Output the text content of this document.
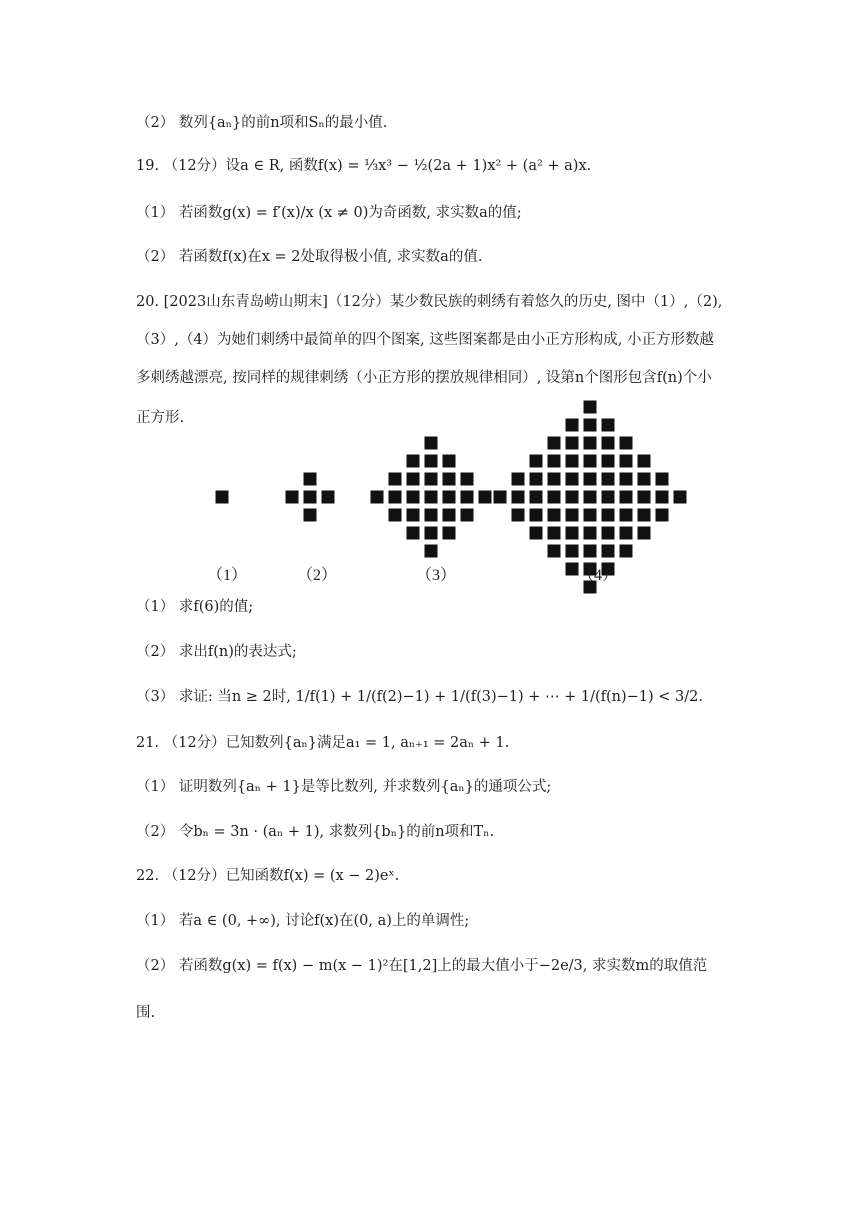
（2） 数列{aₙ}的前n项和Sₙ的最小值.
19. （12分）设a ∈ R, 函数f(x) = ⅓x³ − ½(2a + 1)x² + (a² + a)x.
（1） 若函数g(x) = f′(x)/x (x ≠ 0)为奇函数, 求实数a的值;
（2） 若函数f(x)在x = 2处取得极小值, 求实数a的值.
20. [2023山东青岛崂山期末]（12分）某少数民族的刺绣有着悠久的历史, 图中（1）,（2),
（3）,（4）为她们刺绣中最简单的四个图案, 这些图案都是由小正方形构成, 小正方形数越
多刺绣越漂亮, 按同样的规律刺绣（小正方形的摆放规律相同）, 设第n个图形包含f(n)个小
正方形.
（1）	（2）	（3）	（4）
（1） 求f(6)的值;
（2） 求出f(n)的表达式;
（3） 求证: 当n ≥ 2时, 1/f(1) + 1/(f(2)−1) + 1/(f(3)−1) + ⋯ + 1/(f(n)−1) < 3/2.
21. （12分）已知数列{aₙ}满足a₁ = 1, aₙ₊₁ = 2aₙ + 1.
（1） 证明数列{aₙ + 1}是等比数列, 并求数列{aₙ}的通项公式;
（2） 令bₙ = 3n · (aₙ + 1), 求数列{bₙ}的前n项和Tₙ.
22. （12分）已知函数f(x) = (x − 2)eˣ.
（1） 若a ∈ (0, +∞), 讨论f(x)在(0, a)上的单调性;
（2） 若函数g(x) = f(x) − m(x − 1)²在[1,2]上的最大值小于−2e/3, 求实数m的取值范
围.
